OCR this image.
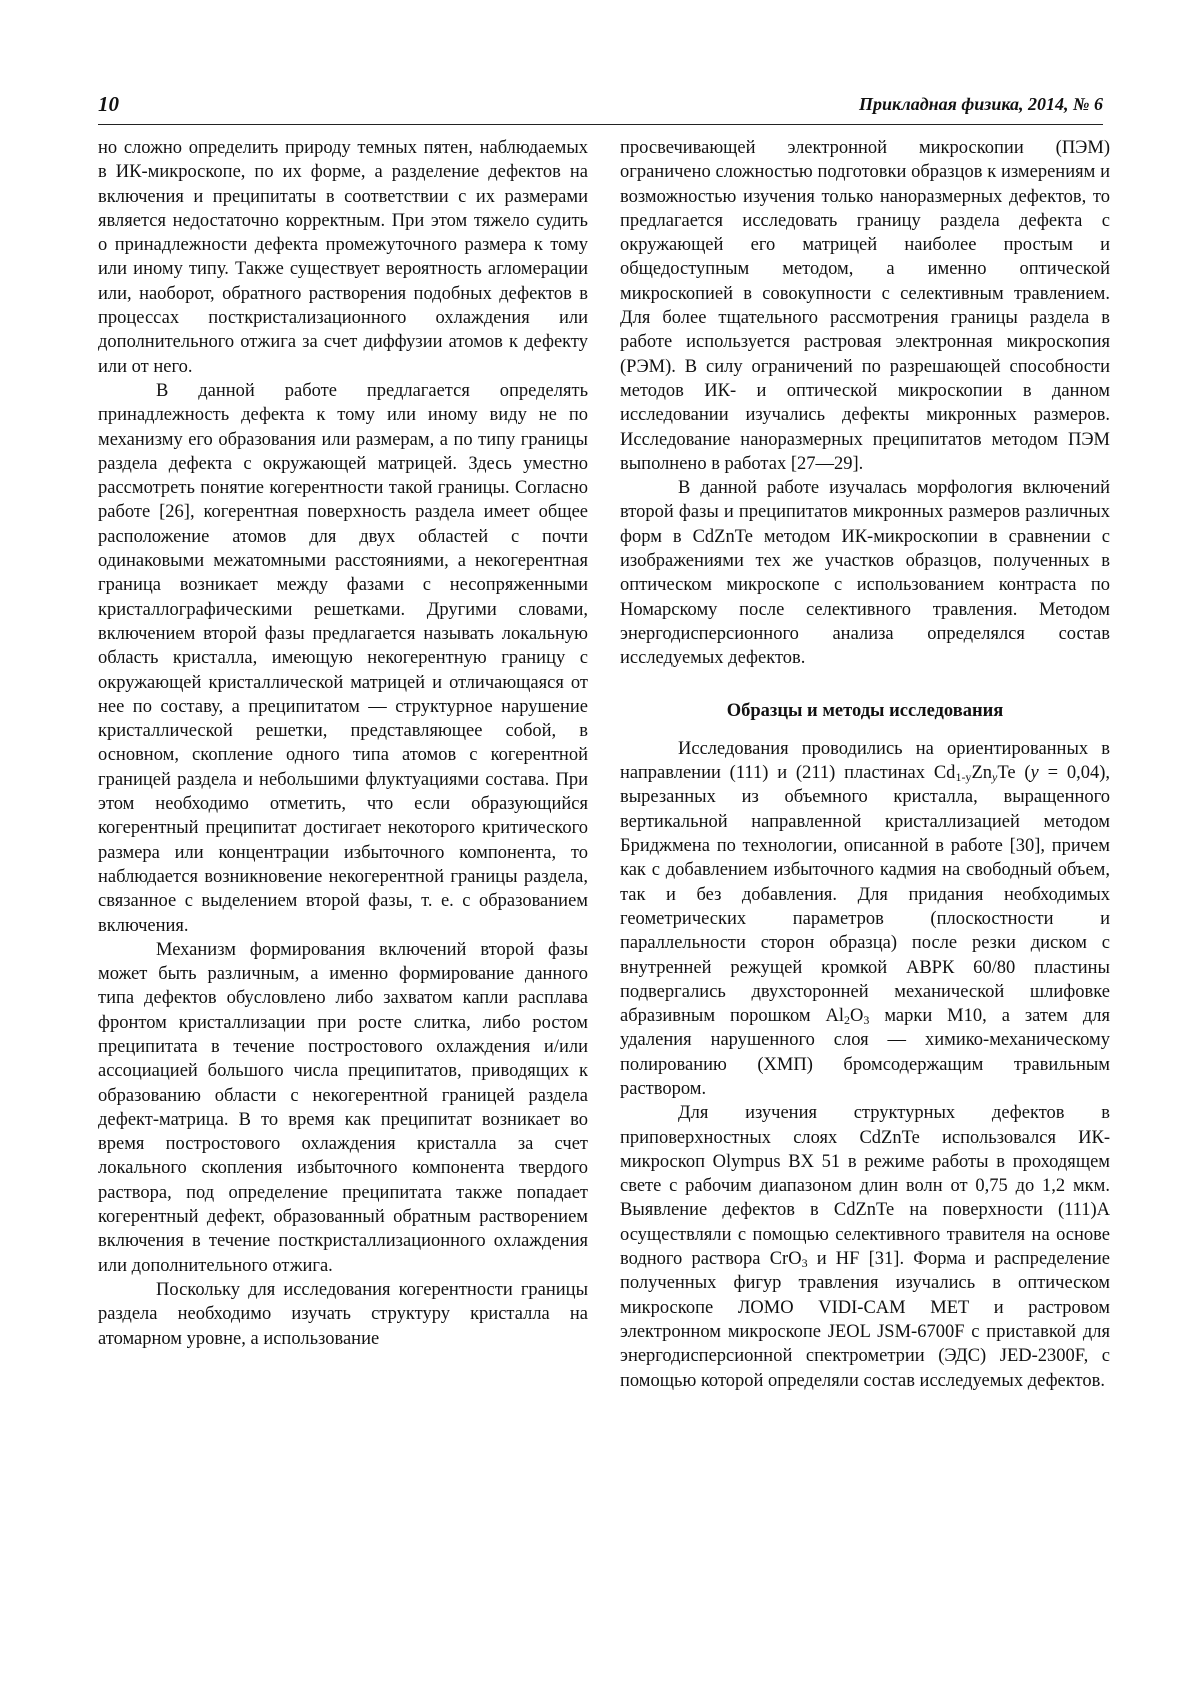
10	Прикладная физика, 2014, № 6

но сложно определить природу темных пятен, наблюдаемых в ИК-микроскопе, по их форме, а разделение дефектов на включения и преципитаты в соответствии с их размерами является недостаточно корректным. При этом тяжело судить о принадлежности дефекта промежуточного размера к тому или иному типу. Также существует вероятность агломерации или, наоборот, обратного растворения подобных дефектов в процессах посткристализационного охлаждения или дополнительного отжига за счет диффузии атомов к дефекту или от него.

В данной работе предлагается определять принадлежность дефекта к тому или иному виду не по механизму его образования или размерам, а по типу границы раздела дефекта с окружающей матрицей. Здесь уместно рассмотреть понятие когерентности такой границы. Согласно работе [26], когерентная поверхность раздела имеет общее расположение атомов для двух областей с почти одинаковыми межатомными расстояниями, а некогерентная граница возникает между фазами с несопряженными кристаллографическими решетками. Другими словами, включением второй фазы предлагается называть локальную область кристалла, имеющую некогерентную границу с окружающей кристаллической матрицей и отличающаяся от нее по составу, а преципитатом — структурное нарушение кристаллической решетки, представляющее собой, в основном, скопление одного типа атомов с когерентной границей раздела и небольшими флуктуациями состава. При этом необходимо отметить, что если образующийся когерентный преципитат достигает некоторого критического размера или концентрации избыточного компонента, то наблюдается возникновение некогерентной границы раздела, связанное с выделением второй фазы, т. е. с образованием включения.

Механизм формирования включений второй фазы может быть различным, а именно формирование данного типа дефектов обусловлено либо захватом капли расплава фронтом кристаллизации при росте слитка, либо ростом преципитата в течение постростового охлаждения и/или ассоциацией большого числа преципитатов, приводящих к образованию области с некогерентной границей раздела дефект-матрица. В то время как преципитат возникает во время постростового охлаждения кристалла за счет локального скопления избыточного компонента твердого раствора, под определение преципитата также попадает когерентный дефект, образованный обратным растворением включения в течение посткристаллизационного охлаждения или дополнительного отжига.

Поскольку для исследования когерентности границы раздела необходимо изучать структуру кристалла на атомарном уровне, а использование

просвечивающей электронной микроскопии (ПЭМ) ограничено сложностью подготовки образцов к измерениям и возможностью изучения только наноразмерных дефектов, то предлагается исследовать границу раздела дефекта с окружающей его матрицей наиболее простым и общедоступным методом, а именно оптической микроскопией в совокупности с селективным травлением. Для более тщательного рассмотрения границы раздела в работе используется растровая электронная микроскопия (РЭМ). В силу ограничений по разрешающей способности методов ИК- и оптической микроскопии в данном исследовании изучались дефекты микронных размеров. Исследование наноразмерных преципитатов методом ПЭМ выполнено в работах [27—29].

В данной работе изучалась морфология включений второй фазы и преципитатов микронных размеров различных форм в CdZnTe методом ИК-микроскопии в сравнении с изображениями тех же участков образцов, полученных в оптическом микроскопе с использованием контраста по Номарскому после селективного травления. Методом энергодисперсионного анализа определялся состав исследуемых дефектов.

Образцы и методы исследования

Исследования проводились на ориентированных в направлении (111) и (211) пластинах $Cd_{1-y}Zn_yTe$ (y = 0,04), вырезанных из объемного кристалла, выращенного вертикальной направленной кристаллизацией методом Бриджмена по технологии, описанной в работе [30], причем как с добавлением избыточного кадмия на свободный объем, так и без добавления. Для придания необходимых геометрических параметров (плоскостности и параллельности сторон образца) после резки диском с внутренней режущей кромкой АВРК 60/80 пластины подвергались двухсторонней механической шлифовке абразивным порошком $Al_2O_3$ марки М10, а затем для удаления нарушенного слоя — химико-механическому полированию (ХМП) бромсодержащим травильным раствором.

Для изучения структурных дефектов в приповерхностных слоях CdZnTe использовался ИК-микроскоп Olympus BX 51 в режиме работы в проходящем свете с рабочим диапазоном длин волн от 0,75 до 1,2 мкм. Выявление дефектов в CdZnTe на поверхности (111)А осуществляли с помощью селективного травителя на основе водного раствора CrO$_3$ и HF [31]. Форма и распределение полученных фигур травления изучались в оптическом микроскопе ЛОМО VIDI-CAM MET и растровом электронном микроскопе JEOL JSM-6700F с приставкой для энергодисперсионной спектрометрии (ЭДС) JED-2300F, с помощью которой определяли состав исследуемых дефектов.
